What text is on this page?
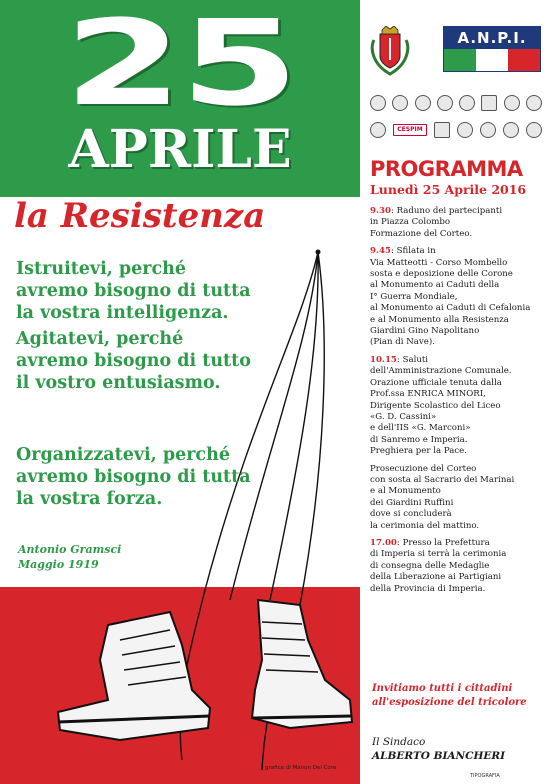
25
APRILE
la Resistenza
Istruitevi, perché
avremo bisogno di tutta
la vostra intelligenza.
Agitatevi, perché
avremo bisogno di tutto
il vostro entusiasmo.
Organizzatevi, perché
avremo bisogno di tutta
la vostra forza.
Antonio Gramsci
Maggio 1919
grafica di Manon Del Core
A.N.P.I.
CESPIM
PROGRAMMA
Lunedì 25 Aprile 2016
9.30: Raduno dei partecipanti
in Piazza Colombo
Formazione del Corteo.
9.45: Sfilata in
Via Matteotti - Corso Mombello
sosta e deposizione delle Corone
al Monumento ai Caduti della
I° Guerra Mondiale,
al Monumento ai Caduti di Cefalonia
e al Monumento alla Resistenza
Giardini Gino Napolitano
(Pian di Nave).
10.15: Saluti
dell'Amministrazione Comunale.
Orazione ufficiale tenuta dalla
Prof.ssa ENRICA MINORI,
Dirigente Scolastico del Liceo
«G. D. Cassini»
e dell'IIS «G. Marconi»
di Sanremo e Imperia.
Preghiera per la Pace.
Prosecuzione del Corteo
con sosta al Sacrario dei Marinai
e al Monumento
dei Giardini Ruffini
dove si concluderà
la cerimonia del mattino.
17.00: Presso la Prefettura
di Imperia si terrà la cerimonia
di consegna delle Medaglie
della Liberazione ai Partigiani
della Provincia di Imperia.
Invitiamo tutti i cittadini
all'esposizione del tricolore
Il Sindaco
ALBERTO BIANCHERI
TIPOGRAFIA
